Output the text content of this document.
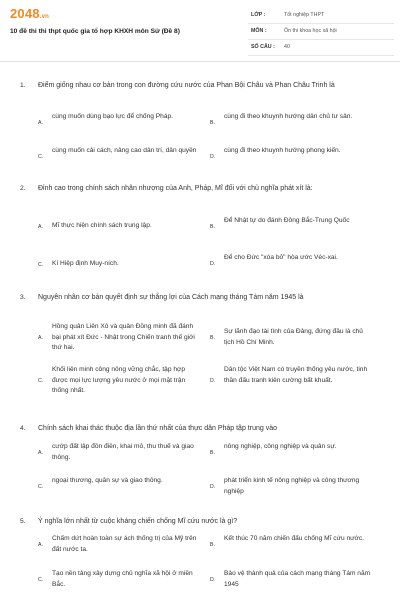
2048.vn
10 đề thi thi thpt quốc gia tổ hợp KHXH môn Sử (Đề 8)
LỚP :	Tốt nghiệp THPT
MÔN :	Ôn thi khoa học xã hội
SỐ CÂU : 40
1. Điểm giống nhau cơ bản trong con đường cứu nước của Phan Bội Châu và Phan Châu Trinh là
A.
cùng muốn dùng bạo lực để chống Pháp.
B.
cùng đi theo khuynh hướng dân chủ tư sản.
C.
cùng muốn cải cách, nâng cao dân trí, dân quyền
D.
cùng đi theo khuynh hướng phong kiến.
2. Đỉnh cao trong chính sách nhân nhượng của Anh, Pháp, Mĩ đối với chủ nghĩa phát xít là:
A. Mĩ thực hiện chính sách trung lập.	B.
Để Nhật tự do đánh Đông Bắc-Trung Quốc
C. Kí Hiệp định Muy-ních.	D.
Để cho Đức "xóa bỏ" hòa ước Véc-xai.
3. Nguyên nhân cơ bản quyết định sự thắng lợi của Cách mạng tháng Tám năm 1945 là
A.
Hồng quân Liên Xô và quân Đồng minh đã đánh bại phát xít Đức - Nhật trong Chiến tranh thế giới thứ hai.
B.
Sự lãnh đạo tài tình của Đảng, đứng đầu là chủ tịch Hồ Chí Minh.
C.
Khối liên minh công nông vững chắc, tập hợp được mọi lực lượng yêu nước ở mọi mặt trận thống nhất.
D.
Dân tộc Việt Nam có truyền thống yêu nước, tinh thần đấu tranh kiên cường bất khuất.
4. Chính sách khai thác thuộc địa lần thứ nhất của thực dân Pháp tập trung vào
A.
cướp đất lập đồn điền, khai mỏ, thu thuế và giao thông.
B.
nông nghiệp, công nghiệp và quân sự.
C.
ngoại thương, quân sự và giao thông.
D.
phát triển kinh tế nông nghiệp và công thương nghiệp
5. Ý nghĩa lớn nhất từ cuộc kháng chiến chống Mĩ cứu nước là gì?
A.
Chấm dứt hoàn toàn sự ách thống trị của Mỹ trên đất nước ta.
B.
Kết thúc 70 năm chiến đấu chống Mĩ cứu nước.
C.
Tạo nền tảng xây dựng chủ nghĩa xã hội ở miền Bắc.
D.
Bảo vệ thành quả của cách mạng tháng Tám năm 1945
